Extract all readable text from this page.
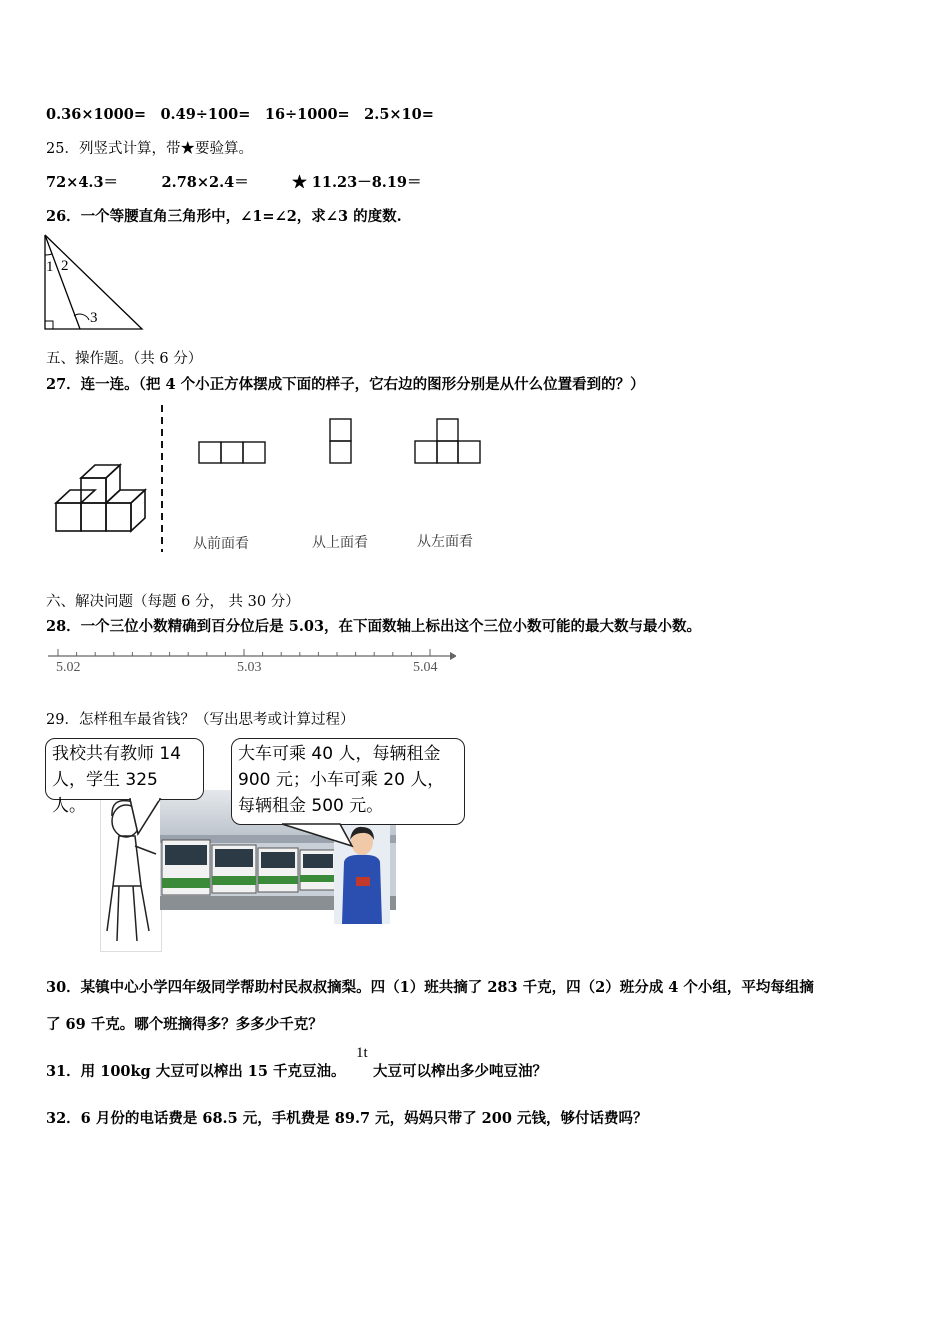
0.36×1000=　0.49÷100=　16÷1000=　2.5×10=
25．列竖式计算，带★要验算。
72×4.3＝　　　2.78×2.4＝　　　★ 11.23－8.19＝
26．一个等腰直角三角形中，∠1=∠2，求∠3 的度数.
1 2
3
五、操作题。（共 6 分）
27．连一连。（把 4 个小正方体摆成下面的样子，它右边的图形分别是从什么位置看到的？）
从前面看	从上面看	从左面看
六、解决问题（每题 6 分， 共 30 分）
28．一个三位小数精确到百分位后是 5.03，在下面数轴上标出这个三位小数可能的最大数与最小数。
5.02	5.03	5.04
29．怎样租车最省钱？（写出思考或计算过程）
我校共有教师 14
人，学生 325 人。
大车可乘 40 人，每辆租金
900 元；小车可乘 20 人，
每辆租金 500 元。
30．某镇中心小学四年级同学帮助村民叔叔摘梨。四（1）班共摘了 283 千克，四（2）班分成 4 个小组，平均每组摘
了 69 千克。哪个班摘得多？多多少千克？
31．用 100kg 大豆可以榨出 15 千克豆油。
1t
大豆可以榨出多少吨豆油？
32．6 月份的电话费是 68.5 元，手机费是 89.7 元，妈妈只带了 200 元钱，够付话费吗？
